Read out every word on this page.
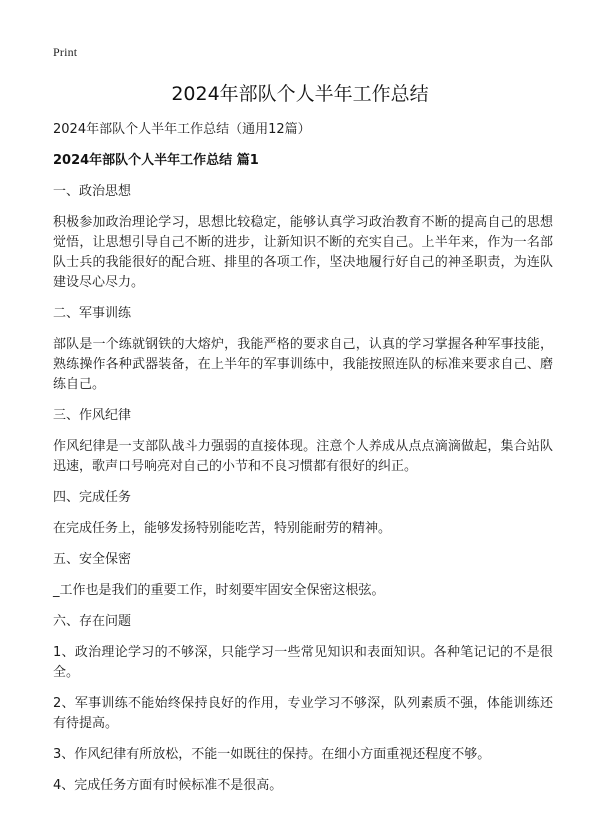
Print
2024年部队个人半年工作总结

2024年部队个人半年工作总结（通用12篇）

2024年部队个人半年工作总结 篇1

一、政治思想

积极参加政治理论学习，思想比较稳定，能够认真学习政治教育不断的提高自己的思想觉悟，让思想引导自己不断的进步，让新知识不断的充实自己。上半年来，作为一名部队士兵的我能很好的配合班、排里的各项工作，坚决地履行好自己的神圣职责，为连队建设尽心尽力。

二、军事训练

部队是一个练就钢铁的大熔炉，我能严格的要求自己，认真的学习掌握各种军事技能，熟练操作各种武器装备，在上半年的军事训练中，我能按照连队的标准来要求自己、磨练自己。

三、作风纪律

作风纪律是一支部队战斗力强弱的直接体现。注意个人养成从点点滴滴做起，集合站队迅速，歌声口号响亮对自己的小节和不良习惯都有很好的纠正。

四、完成任务

在完成任务上，能够发扬特别能吃苦，特别能耐劳的精神。

五、安全保密

_工作也是我们的重要工作，时刻要牢固安全保密这根弦。

六、存在问题

1、政治理论学习的不够深，只能学习一些常见知识和表面知识。各种笔记记的不是很全。

2、军事训练不能始终保持良好的作用，专业学习不够深，队列素质不强，体能训练还有待提高。

3、作风纪律有所放松，不能一如既往的保持。在细小方面重视还程度不够。

4、完成任务方面有时候标准不是很高。
